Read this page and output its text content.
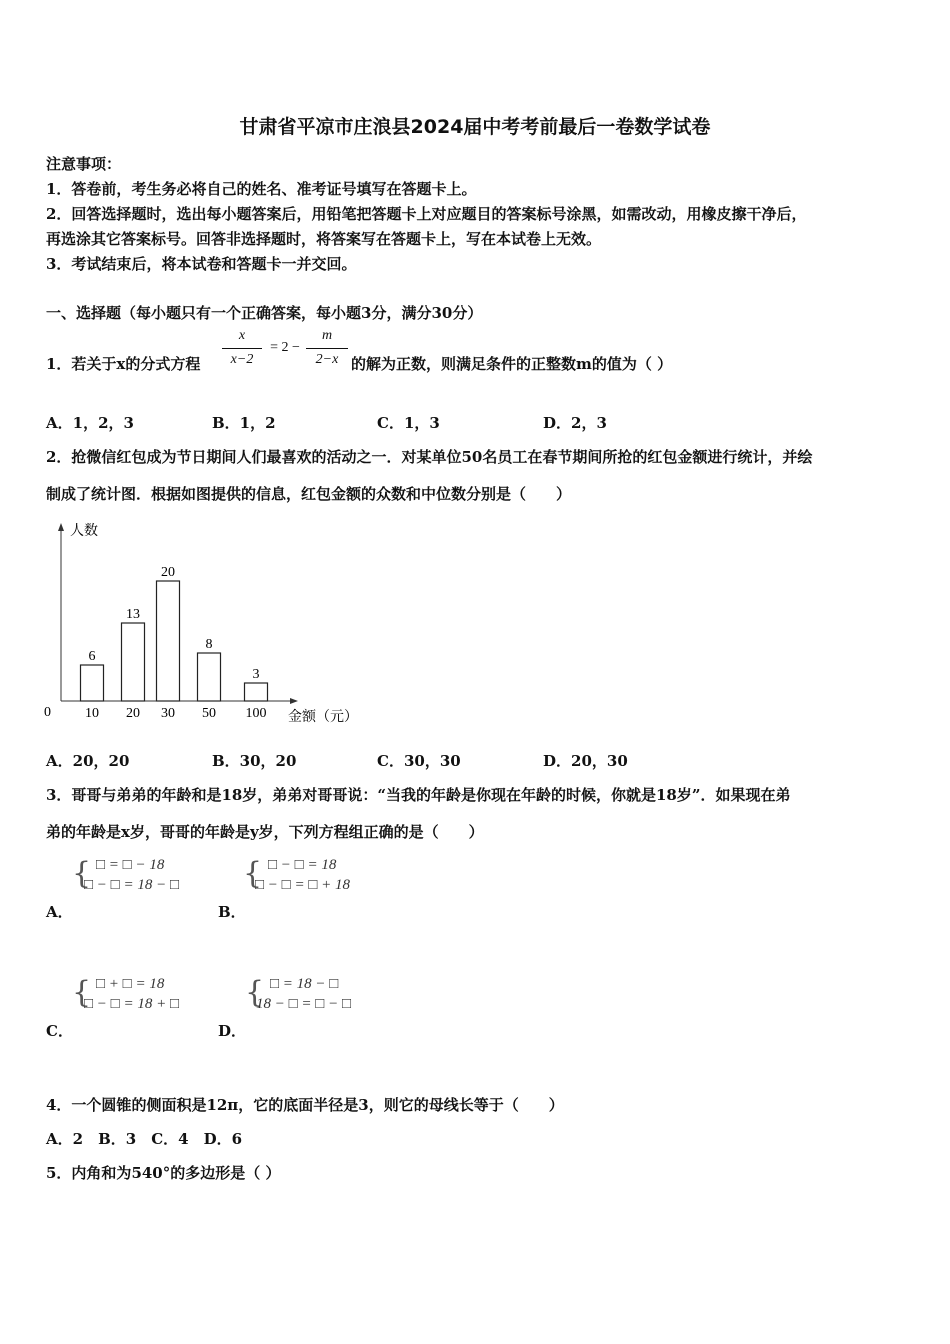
甘肃省平凉市庄浪县2024届中考考前最后一卷数学试卷
注意事项：
1．答卷前，考生务必将自己的姓名、准考证号填写在答题卡上。
2．回答选择题时，选出每小题答案后，用铅笔把答题卡上对应题目的答案标号涂黑，如需改动，用橡皮擦干净后，
再选涂其它答案标号。回答非选择题时，将答案写在答题卡上，写在本试卷上无效。
3．考试结束后，将本试卷和答题卡一并交回。
一、选择题（每小题只有一个正确答案，每小题3分，满分30分）
1．若关于x的分式方程
x
x−2
= 2 −
m
2−x 的解为正数，则满足条件的正整数m的值为（ ）
A．1，2，3	B．1，2	C．1，3	D．2，3
2．抢微信红包成为节日期间人们最喜欢的活动之一．对某单位50名员工在春节期间所抢的红包金额进行统计，并绘
制成了统计图．根据如图提供的信息，红包金额的众数和中位数分别是（　　）
人数
0	金额（元）
6
10
13
20
20
30
8
50
3
100
A．20，20	B．30，20	C．30，30	D．20，30
3．哥哥与弟弟的年龄和是18岁，弟弟对哥哥说：“当我的年龄是你现在年龄的时候，你就是18岁”．如果现在弟
弟的年龄是x岁，哥哥的年龄是y岁，下列方程组正确的是（　　）
{ □ = □ − 18
□ − □ = 18 − □
A．
{ □ − □ = 18
□ − □ = □ + 18
B．
{ □ + □ = 18
□ − □ = 18 + □
C．
{ □ = 18 − □
18 − □ = □ − □
D．
4．一个圆锥的侧面积是12π，它的底面半径是3，则它的母线长等于（　　）
A．2　B．3　C．4　D．6
5．内角和为540°的多边形是（ ）
